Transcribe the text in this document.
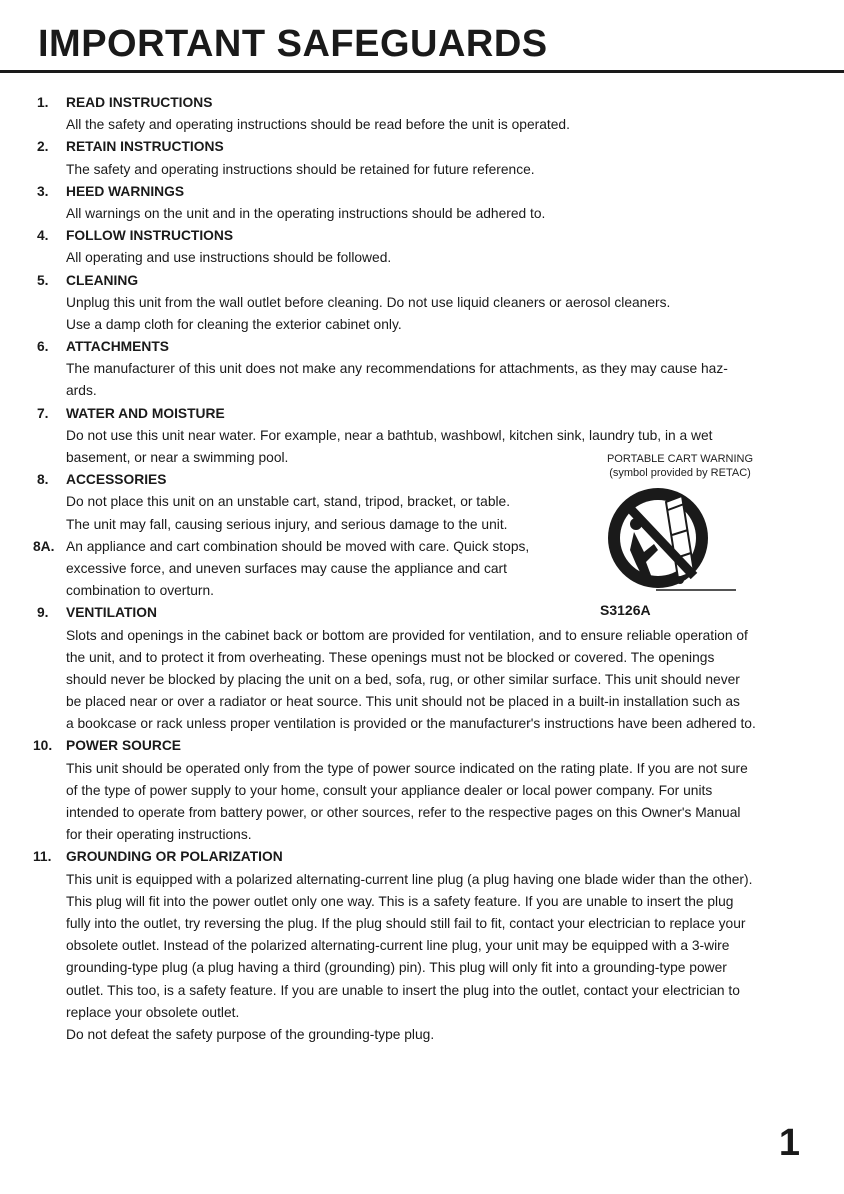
IMPORTANT SAFEGUARDS
1. READ INSTRUCTIONS
All the safety and operating instructions should be read before the unit is operated.
2. RETAIN INSTRUCTIONS
The safety and operating instructions should be retained for future reference.
3. HEED WARNINGS
All warnings on the unit and in the operating instructions should be adhered to.
4. FOLLOW INSTRUCTIONS
All operating and use instructions should be followed.
5. CLEANING
Unplug this unit from the wall outlet before cleaning. Do not use liquid cleaners or aerosol cleaners.
Use a damp cloth for cleaning the exterior cabinet only.
6. ATTACHMENTS
The manufacturer of this unit does not make any recommendations for attachments, as they may cause haz-
ards.
7. WATER AND MOISTURE
Do not use this unit near water. For example, near a bathtub, washbowl, kitchen sink, laundry tub, in a wet
basement, or near a swimming pool.
8. ACCESSORIES
Do not place this unit on an unstable cart, stand, tripod, bracket, or table.
The unit may fall, causing serious injury, and serious damage to the unit.
8A. An appliance and cart combination should be moved with care. Quick stops,
excessive force, and uneven surfaces may cause the appliance and cart
combination to overturn.
9. VENTILATION
Slots and openings in the cabinet back or bottom are provided for ventilation, and to ensure reliable operation of
the unit, and to protect it from overheating. These openings must not be blocked or covered. The openings
should never be blocked by placing the unit on a bed, sofa, rug, or other similar surface. This unit should never
be placed near or over a radiator or heat source. This unit should not be placed in a built-in installation such as
a bookcase or rack unless proper ventilation is provided or the manufacturer's instructions have been adhered to.
10. POWER SOURCE
This unit should be operated only from the type of power source indicated on the rating plate. If you are not sure
of the type of power supply to your home, consult your appliance dealer or local power company. For units
intended to operate from battery power, or other sources, refer to the respective pages on this Owner's Manual
for their operating instructions.
11. GROUNDING OR POLARIZATION
This unit is equipped with a polarized alternating-current line plug (a plug having one blade wider than the other).
This plug will fit into the power outlet only one way. This is a safety feature. If you are unable to insert the plug
fully into the outlet, try reversing the plug. If the plug should still fail to fit, contact your electrician to replace your
obsolete outlet. Instead of the polarized alternating-current line plug, your unit may be equipped with a 3-wire
grounding-type plug (a plug having a third (grounding) pin). This plug will only fit into a grounding-type power
outlet. This too, is a safety feature. If you are unable to insert the plug into the outlet, contact your electrician to
replace your obsolete outlet.
Do not defeat the safety purpose of the grounding-type plug.
PORTABLE CART WARNING
(symbol provided by RETAC)
S3126A
1
